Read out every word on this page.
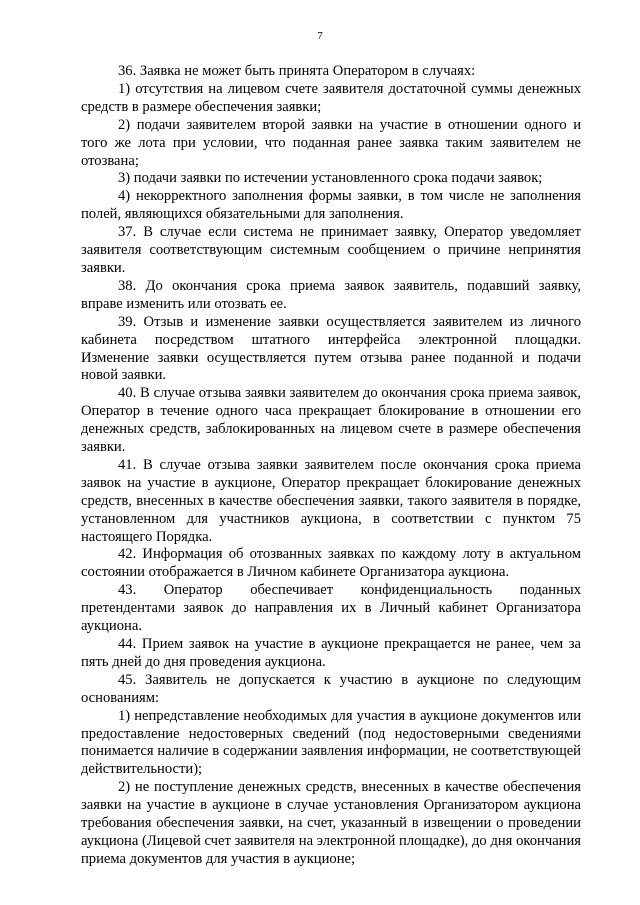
7

36. Заявка не может быть принята Оператором в случаях:

1) отсутствия на лицевом счете заявителя достаточной суммы денежных средств в размере обеспечения заявки;

2) подачи заявителем второй заявки на участие в отношении одного и того же лота при условии, что поданная ранее заявка таким заявителем не отозвана;

3) подачи заявки по истечении установленного срока подачи заявок;

4) некорректного заполнения формы заявки, в том числе не заполнения полей, являющихся обязательными для заполнения.

37. В случае если система не принимает заявку, Оператор уведомляет заявителя соответствующим системным сообщением о причине непринятия заявки.

38. До окончания срока приема заявок заявитель, подавший заявку, вправе изменить или отозвать ее.

39. Отзыв и изменение заявки осуществляется заявителем из личного кабинета посредством штатного интерфейса электронной площадки. Изменение заявки осуществляется путем отзыва ранее поданной и подачи новой заявки.

40. В случае отзыва заявки заявителем до окончания срока приема заявок, Оператор в течение одного часа прекращает блокирование в отношении его денежных средств, заблокированных на лицевом счете в размере обеспечения заявки.

41. В случае отзыва заявки заявителем после окончания срока приема заявок на участие в аукционе, Оператор прекращает блокирование денежных средств, внесенных в качестве обеспечения заявки, такого заявителя в порядке, установленном для участников аукциона, в соответствии с пунктом 75 настоящего Порядка.

42. Информация об отозванных заявках по каждому лоту в актуальном состоянии отображается в Личном кабинете Организатора аукциона.

43. Оператор обеспечивает конфиденциальность поданных претендентами заявок до направления их в Личный кабинет Организатора аукциона.

44. Прием заявок на участие в аукционе прекращается не ранее, чем за пять дней до дня проведения аукциона.

45. Заявитель не допускается к участию в аукционе по следующим основаниям:

1) непредставление необходимых для участия в аукционе документов или предоставление недостоверных сведений (под недостоверными сведениями понимается наличие в содержании заявления информации, не соответствующей действительности);

2) не поступление денежных средств, внесенных в качестве обеспечения заявки на участие в аукционе в случае установления Организатором аукциона требования обеспечения заявки, на счет, указанный в извещении о проведении аукциона (Лицевой счет заявителя на электронной площадке), до дня окончания приема документов для участия в аукционе;
